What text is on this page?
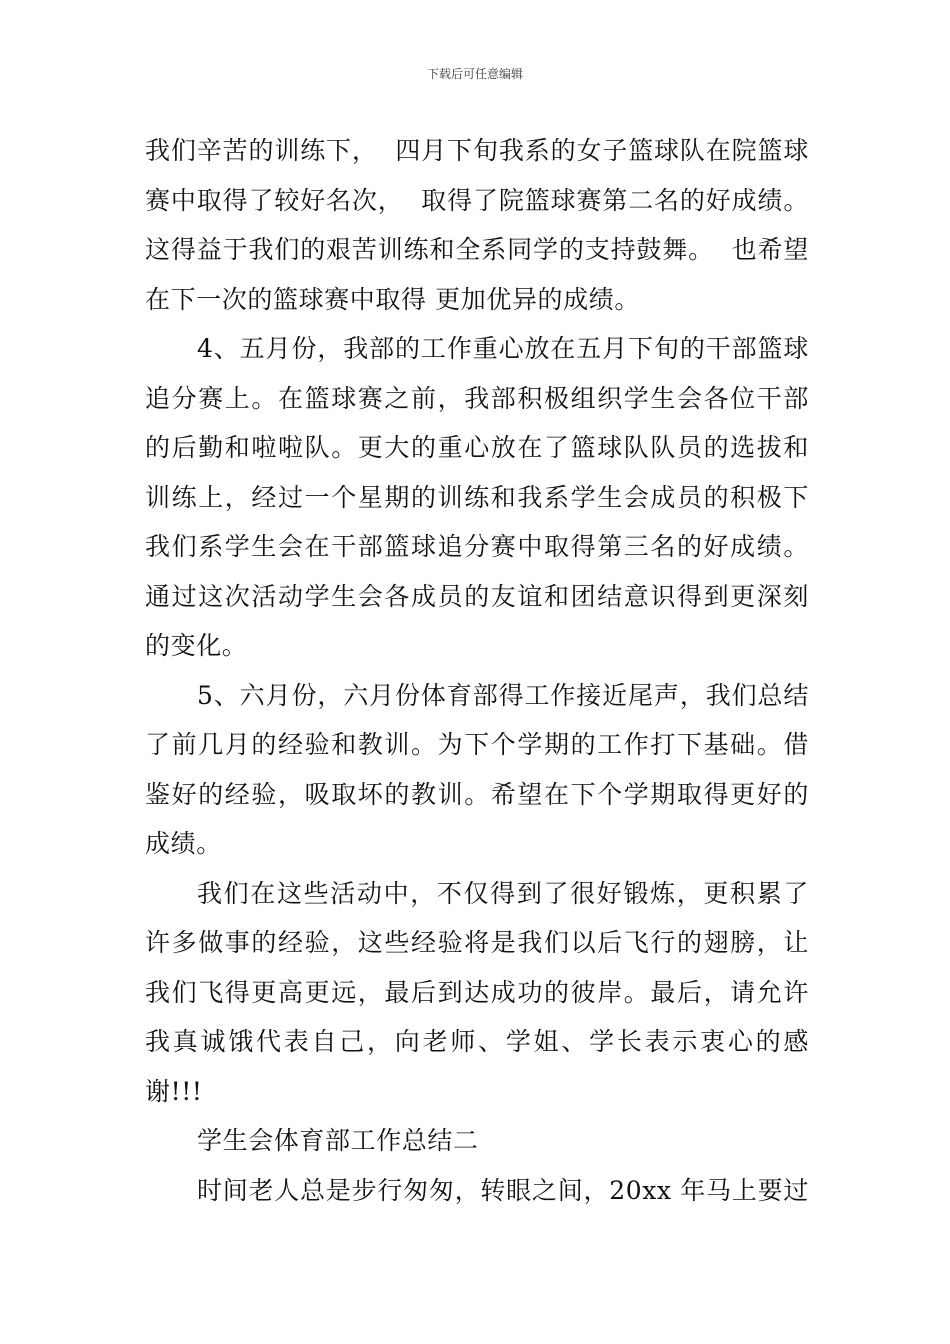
下载后可任意编辑
我们辛苦的训练下，  四月下旬我系的女子篮球队在院篮球
赛中取得了较好名次，  取得了院篮球赛第二名的好成绩。
这得益于我们的艰苦训练和全系同学的支持鼓舞。  也希望
在下一次的篮球赛中取得 更加优异的成绩。
4、五月份，我部的工作重心放在五月下旬的干部篮球
追分赛上。在篮球赛之前，我部积极组织学生会各位干部
的后勤和啦啦队。更大的重心放在了篮球队队员的选拔和
训练上，经过一个星期的训练和我系学生会成员的积极下
我们系学生会在干部篮球追分赛中取得第三名的好成绩。
通过这次活动学生会各成员的友谊和团结意识得到更深刻
的变化。
5、六月份，六月份体育部得工作接近尾声，我们总结
了前几月的经验和教训。为下个学期的工作打下基础。借
鉴好的经验，吸取坏的教训。希望在下个学期取得更好的
成绩。
我们在这些活动中，不仅得到了很好锻炼，更积累了
许多做事的经验，这些经验将是我们以后飞行的翅膀，让
我们飞得更高更远，最后到达成功的彼岸。最后，请允许
我真诚饿代表自己，向老师、学姐、学长表示衷心的感
谢!!!
学生会体育部工作总结二
时间老人总是步行匆匆，转眼之间，20xx 年马上要过
